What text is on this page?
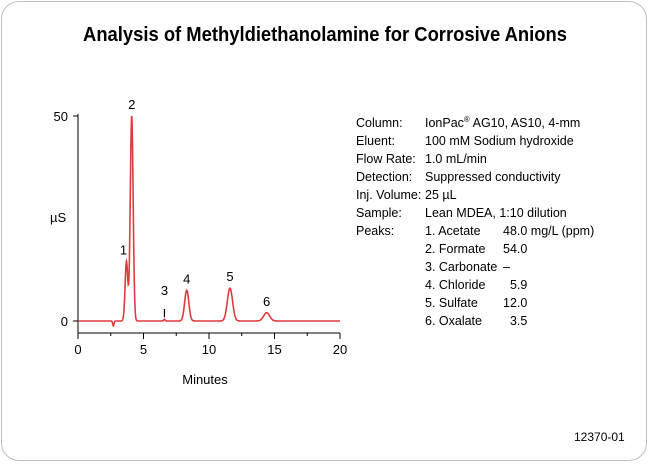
Analysis of Methyldiethanolamine for Corrosive Anions
0	5	10	15	20
0
50
Minutes
µS
1
2
3
4	5
6
Column: IonPac® AG10, AS10, 4-mm
Eluent: 100 mM Sodium hydroxide
Flow Rate: 1.0 mL/min
Detection: Suppressed conductivity
Inj. Volume: 25 µL
Sample: Lean MDEA, 1:10 dilution
Peaks: 1. Acetate 48.0 mg/L (ppm)
2. Formate 54.0
3. Carbonate –
4. Chloride 5.9
5. Sulfate 12.0
6. Oxalate 3.5
12370-01
